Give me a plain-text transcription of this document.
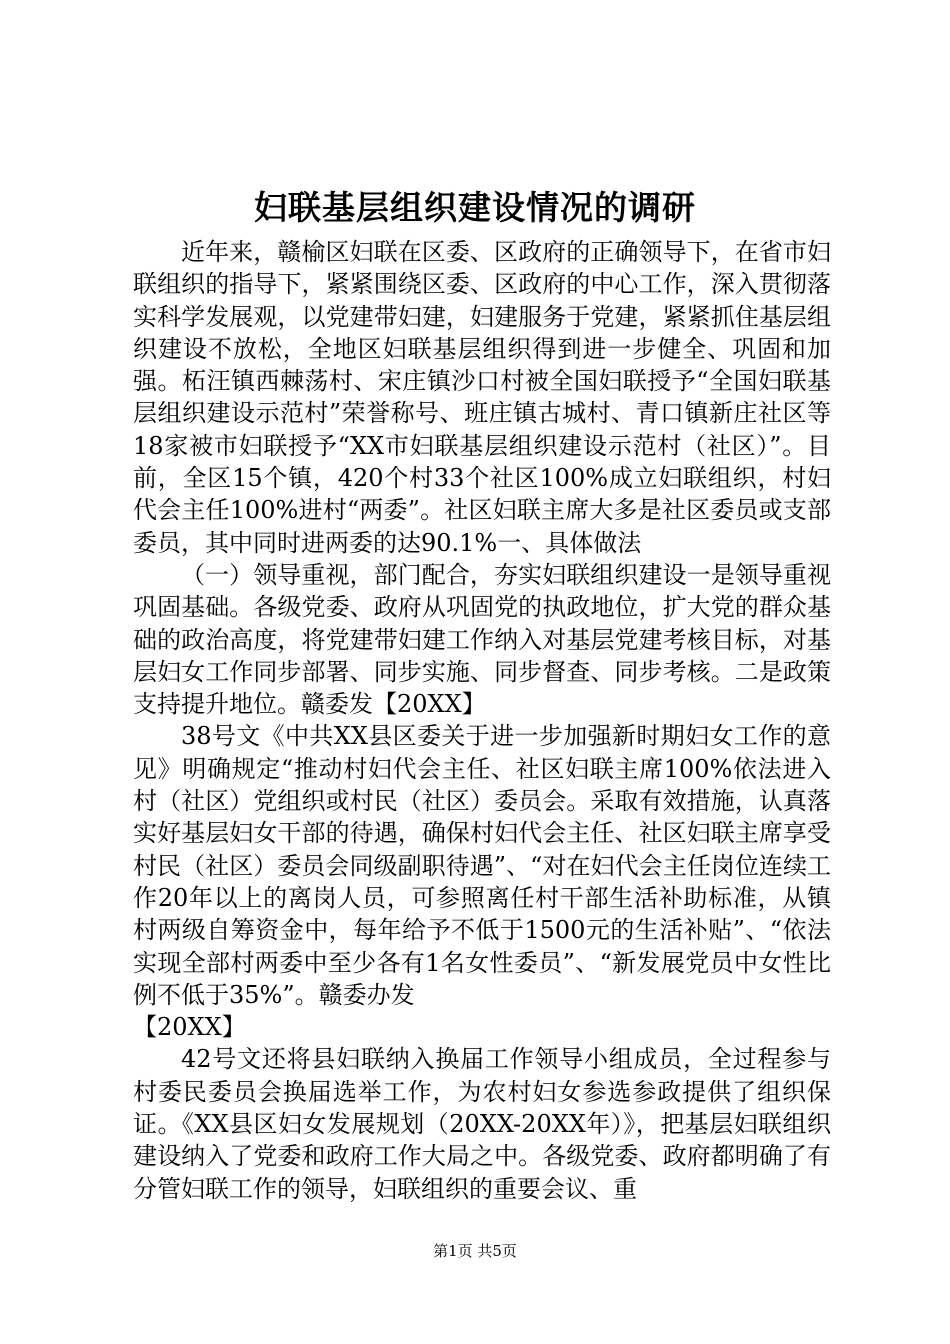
妇联基层组织建设情况的调研

近年来，赣榆区妇联在区委、区政府的正确领导下，在省市妇联组织的指导下，紧紧围绕区委、区政府的中心工作，深入贯彻落实科学发展观，以党建带妇建，妇建服务于党建，紧紧抓住基层组织建设不放松，全地区妇联基层组织得到进一步健全、巩固和加强。柘汪镇西棘荡村、宋庄镇沙口村被全国妇联授予“全国妇联基层组织建设示范村”荣誉称号、班庄镇古城村、青口镇新庄社区等18家被市妇联授予“XX市妇联基层组织建设示范村（社区）”。目前，全区15个镇，420个村33个社区100%成立妇联组织，村妇代会主任100%进村“两委”。社区妇联主席大多是社区委员或支部委员，其中同时进两委的达90.1%一、具体做法

（一）领导重视，部门配合，夯实妇联组织建设一是领导重视巩固基础。各级党委、政府从巩固党的执政地位，扩大党的群众基础的政治高度，将党建带妇建工作纳入对基层党建考核目标，对基层妇女工作同步部署、同步实施、同步督查、同步考核。二是政策支持提升地位。赣委发【20XX】

38号文《中共XX县区委关于进一步加强新时期妇女工作的意见》明确规定“推动村妇代会主任、社区妇联主席100%依法进入村（社区）党组织或村民（社区）委员会。采取有效措施，认真落实好基层妇女干部的待遇，确保村妇代会主任、社区妇联主席享受村民（社区）委员会同级副职待遇”、“对在妇代会主任岗位连续工作20年以上的离岗人员，可参照离任村干部生活补助标准，从镇村两级自筹资金中，每年给予不低于1500元的生活补贴”、“依法实现全部村两委中至少各有1名女性委员”、“新发展党员中女性比例不低于35%”。赣委办发

【20XX】

42号文还将县妇联纳入换届工作领导小组成员，全过程参与村委民委员会换届选举工作，为农村妇女参选参政提供了组织保证。《XX县区妇女发展规划（20XX-20XX年）》，把基层妇联组织建设纳入了党委和政府工作大局之中。各级党委、政府都明确了有分管妇联工作的领导，妇联组织的重要会议、重

第1页 共5页
